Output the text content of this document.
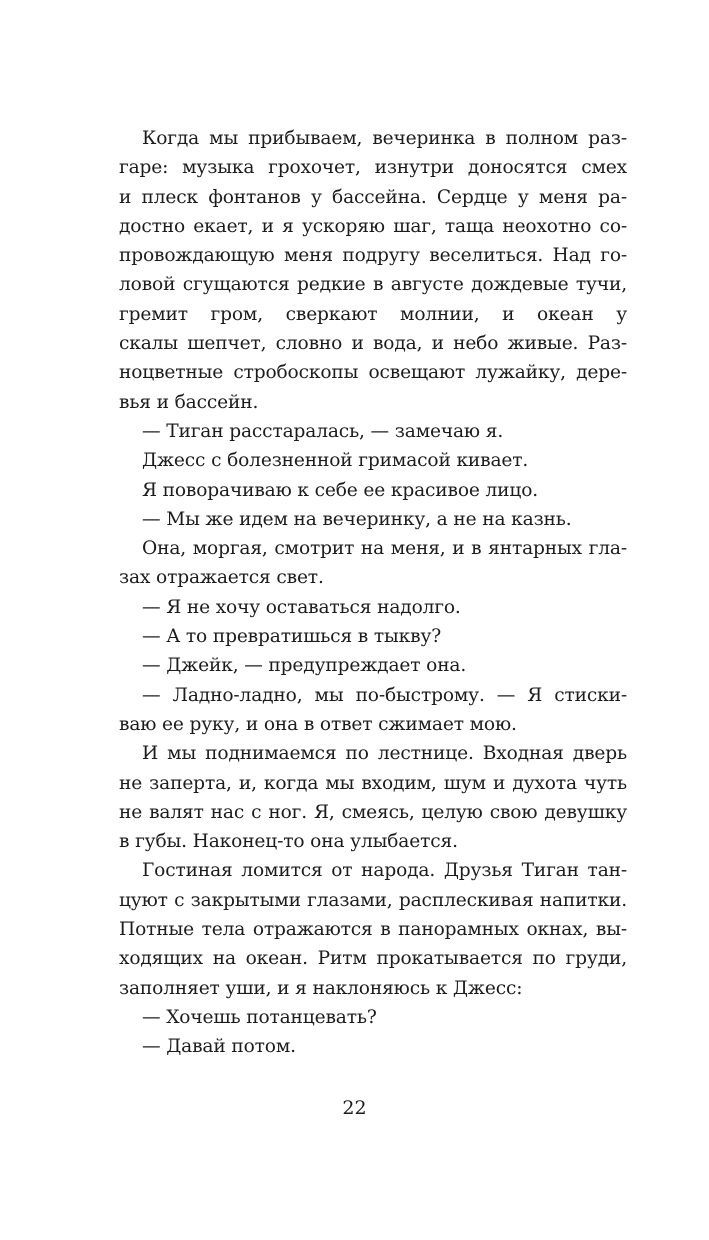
Когда мы прибываем, вечеринка в полном раз-
гаре: музыка грохочет, изнутри доносятся смех
и плеск фонтанов у бассейна. Сердце у меня ра-
достно екает, и я ускоряю шаг, таща неохотно со-
провождающую меня подругу веселиться. Над го-
ловой сгущаются редкие в августе дождевые тучи,
гремит гром, сверкают молнии, и океан у
скалы шепчет, словно и вода, и небо живые. Раз-
ноцветные стробоскопы освещают лужайку, дере-
вья и бассейн.
— Тиган расстаралась, — замечаю я.
Джесс с болезненной гримасой кивает.
Я поворачиваю к себе ее красивое лицо.
— Мы же идем на вечеринку, а не на казнь.
Она, моргая, смотрит на меня, и в янтарных гла-
зах отражается свет.
— Я не хочу оставаться надолго.
— А то превратишься в тыкву?
— Джейк, — предупреждает она.
— Ладно-ладно, мы по-быстрому. — Я стиски-
ваю ее руку, и она в ответ сжимает мою.
И мы поднимаемся по лестнице. Входная дверь
не заперта, и, когда мы входим, шум и духота чуть
не валят нас с ног. Я, смеясь, целую свою девушку
в губы. Наконец-то она улыбается.
Гостиная ломится от народа. Друзья Тиган тан-
цуют с закрытыми глазами, расплескивая напитки.
Потные тела отражаются в панорамных окнах, вы-
ходящих на океан. Ритм прокатывается по груди,
заполняет уши, и я наклоняюсь к Джесс:
— Хочешь потанцевать?
— Давай потом.
22
